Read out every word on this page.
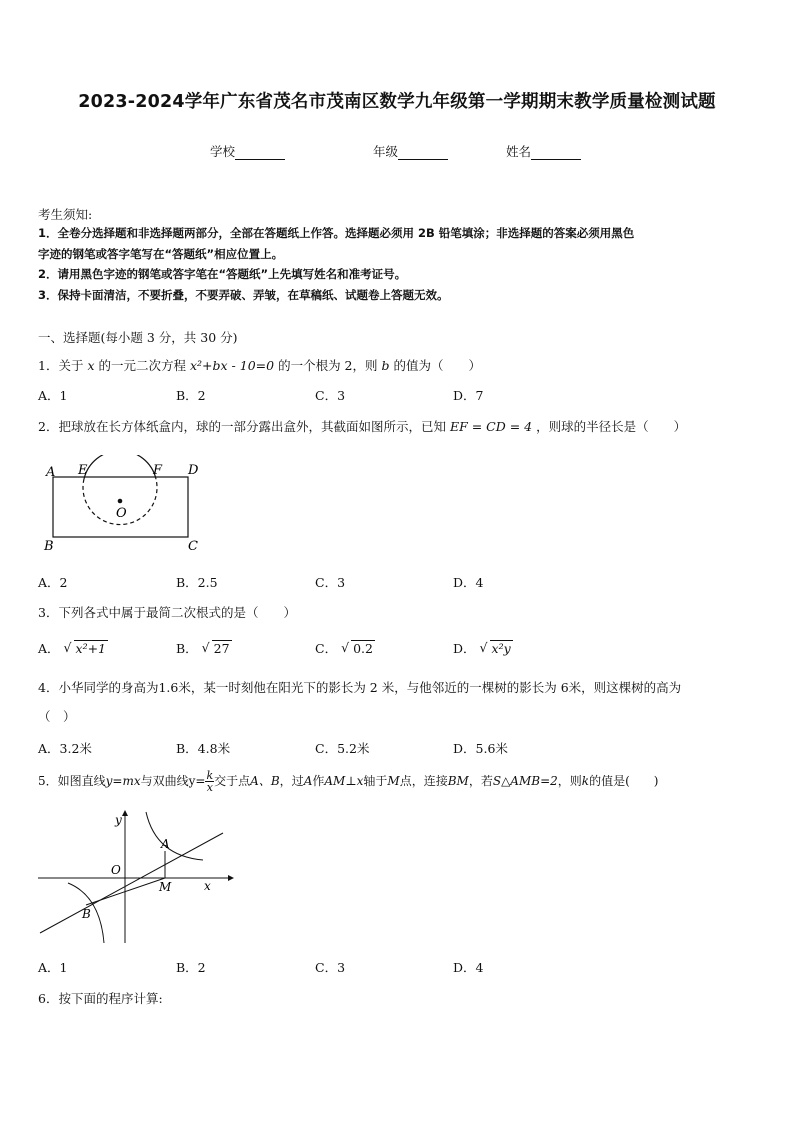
2023-2024学年广东省茂名市茂南区数学九年级第一学期期末教学质量检测试题
学校	年级	姓名
考生须知:
1．全卷分选择题和非选择题两部分，全部在答题纸上作答。选择题必须用 2B 铅笔填涂；非选择题的答案必须用黑色
字迹的钢笔或答字笔写在“答题纸”相应位置上。
2．请用黑色字迹的钢笔或答字笔在“答题纸”上先填写姓名和准考证号。
3．保持卡面清洁，不要折叠，不要弄破、弄皱，在草稿纸、试题卷上答题无效。
一、选择题(每小题 3 分，共 30 分)
1．关于 x 的一元二次方程 x²+bx - 10=0 的一个根为 2，则 b 的值为（　　）
A．1	B．2	C．3	D．7
2．把球放在长方体纸盒内，球的一部分露出盒外，其截面如图所示，已知 EF = CD = 4 ，则球的半径长是（　　）
A E	F D
O
B	C
A．2	B．2.5	C．3	D．4
3．下列各式中属于最简二次根式的是（　　）
A． √ x²+1	B． √ 27	C． √ 0.2	D． √ x²y
4．小华同学的身高为1.6米，某一时刻他在阳光下的影长为 2 米，与他邻近的一棵树的影长为 6米，则这棵树的高为
（　）
A．3.2米	B．4.8米	C．5.2米	D．5.6米
5．如图直线y=mx与双曲线$y= \frac{k}{x}$ 交于点A、B，过A作AM⊥x轴于M点，连接BM，若S△AMB=2，则k的值是(　　)
y
x
O
A
M
B
A．1	B．2	C．3	D．4
6．按下面的程序计算:
